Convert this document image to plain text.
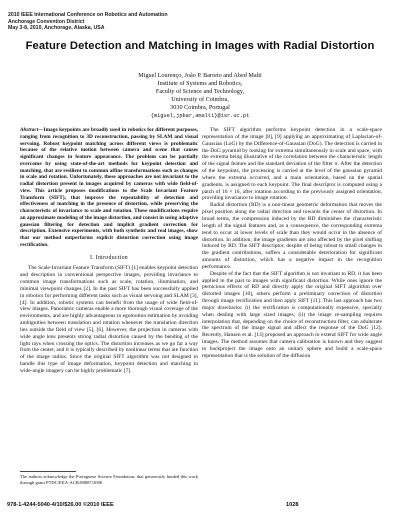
2010 IEEE International Conference on Robotics and Automation
Anchorage Convention District
May 3-8, 2010, Anchorage, Alaska, USA
Feature Detection and Matching in Images with Radial Distortion
Miguel Lourenço, João P. Barreto and Abed Malti
Institute of Systems and Robotics,
Faculty of Science and Technology,
University of Coimbra,
3030 Coimbra, Portugal
{miguel,jpbar,amalti}@isr.uc.pt
Abstract—Image keypoints are broadly used in robotics for different purposes, ranging from recognition to 3D reconstruction, passing by SLAM and visual servoing. Robust keypoint matching across different views is problematic because of the relative motion between camera and scene that causes significant changes in feature appearance. The problem can be partially overcome by using state-of-the-art methods for keypoint detection and matching, that are resilient to common affine transformations such as changes in scale and rotation. Unfortunately, these approaches are not invariant to the radial distortion present in images acquired by cameras with wide field-of-view. This article proposes modifications to the Scale Invariant Feature Transform (SIFT), that improve the repeatability of detection and effectiveness of matching in the presence of distortion, while preserving the characteristic of invariance to scale and rotation. These modifications require an approximate modeling of the image distortion, and consist in using adaptive gaussian filtering for detection and implicit gradient correction for description. Extensive experiments, with both synthetic and real images, show that our method outperforms explicit distortion correction using image rectification.
I. Introduction

The Scale-Invariant Feature Transform (SIFT) [1] enables keypoint detection and description in conventional perspective images, providing invariance to common image transformations such as scale, rotation, illumination, and minimal viewpoint changes [2]. In the past SIFT has been successfully applied in robotics for performing different tasks such as visual servoing and SLAM [3], [4]. In addition, robotic systems can benefit from the usage of wide field-of-view images. Panoramic cameras enable a more thorough visual coverage of the environments, and are highly advantageous in egomotion estimation by avoiding ambiguities between translation and rotation whenever the translation direction lies outside the field of view [5], [6]. However, the projection in cameras with wide angle lens presents strong radial distortion caused by the bending of the light rays when crossing the optics. The distortion increases as we go far a way from the center, and it is typically described by nonlinear terms that are function of the image radius. Since the original SIFT algorithm was not designed to handle this type of image deformation, keypoint detection and matching in wide-angle imagery can be highly problematic [7].

The authors acknowledge the Portuguese Science Foundation, that generously funded this work through grant PTDC/EEA-ACR/68887/2006

The SIFT algorithm performs keypoint detection in a scale-space representation of the image [8], [9] applying an approximating of Laplacian-of-Gaussian (LoG) by the Difference-of-Gaussian (DoG). The detection is carried in the DoG pyramid by looking for extrema simultaneously in scale and space, with the extrema being illustrative of the correlation between the characteristic length of the signal feature and the standard deviation of the filter σ. After the detection of the keypoints, the processing is carried at the level of the gaussian pyramid where the extrema occurred, and a main orientation, based on the spatial gradients, is assigned to each keypoint. The final descriptor is computed using a patch of 16 × 16, after rotation according to the previously assigned orientation, providing invariance to image rotation.

Radial distortion (RD) is a non-linear geometric deformation that moves the pixel position along the radial direction and towards the center of distortion. In broad terms, the compression induced by the RD diminishes the characteristic length of the signal features and, as a consequence, the corresponding extrema tend to occur at lower levels of scale than they would occur in the absence of distortion. In addition, the image gradients are also affected by the pixel shifting induced by RD. The SIFT descriptor, despite of being robust to small changes in the gradient contributions, suffers a considerable deterioration for significant amounts of distortion, which has a negative impact in the recognition performance.

Despite of the fact that the SIFT algorithm is not invariant to RD, it has been applied in the past to images with significant distortion. While ones ignore the pernicious effects of RD and directly apply the original SIFT algorithm over distorted images [10], others perform a preliminary correction of distortion through image rectification and then apply SIFT [11]. This last approach has two major drawbacks: (i) the rectification is computationally expensive, specially when dealing with large sized images; (ii) the image re-sampling requires interpolation that, depending on the choice of reconstruction filter, can adulterate the spectrum of the image signal and affect the response of the DoG [12]. Recently, Hansen et al. [13] proposed an approach to extend SIFT for wide angle images. The method assumes that camera calibration is known and they suggest to backproject the image onto an unitary sphere and build a scale-space representation that is the solution of the diffusion

978-1-4244-5040-4/10/$26.00 ©2010 IEEE	1028
